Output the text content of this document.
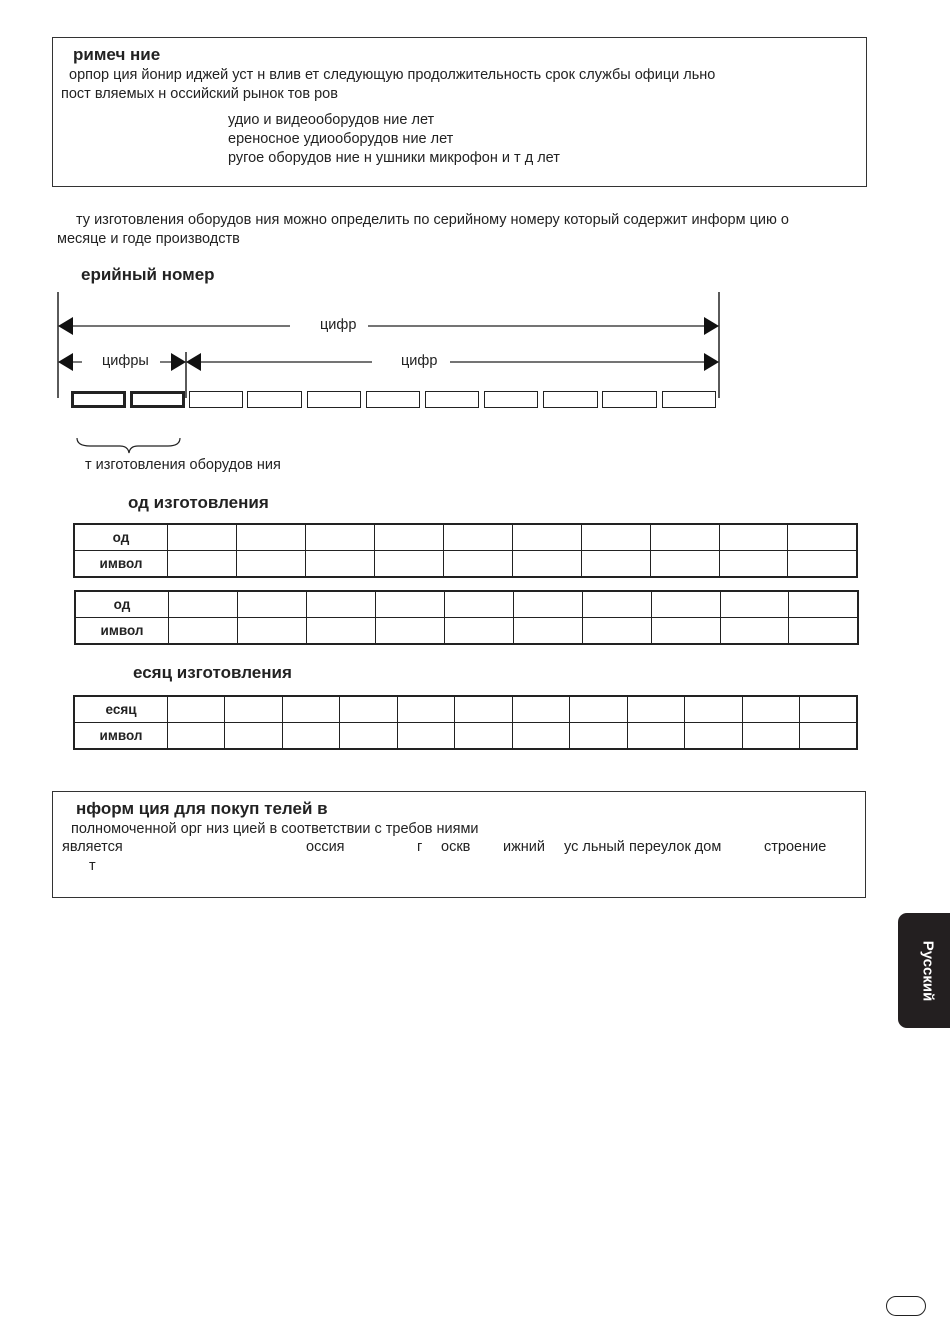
римеч ние
орпор ция йонир иджей уст н влив ет следующую продолжительность срок службы офици льно
пост вляемых н оссийский рынок тов ров
удио и видеооборудов ние лет
ереносное удиооборудов ние лет
ругое оборудов ние н ушники микрофон и т д лет
ту изготовления оборудов ния можно определить по серийному номеру который содержит информ цию о
месяце и годе производств
ерийный номер
цифр
цифры	цифр
т изготовления оборудов ния
од изготовления
од										
имвол										
од										
имвол										
есяц изготовления
есяц												
имвол												
нформ ция для покуп телей в
полномоченной орг низ цией в соответствии с требов ниями
является	оссия	г оскв ижний ус льный переулок дом	строение
т
Русский
